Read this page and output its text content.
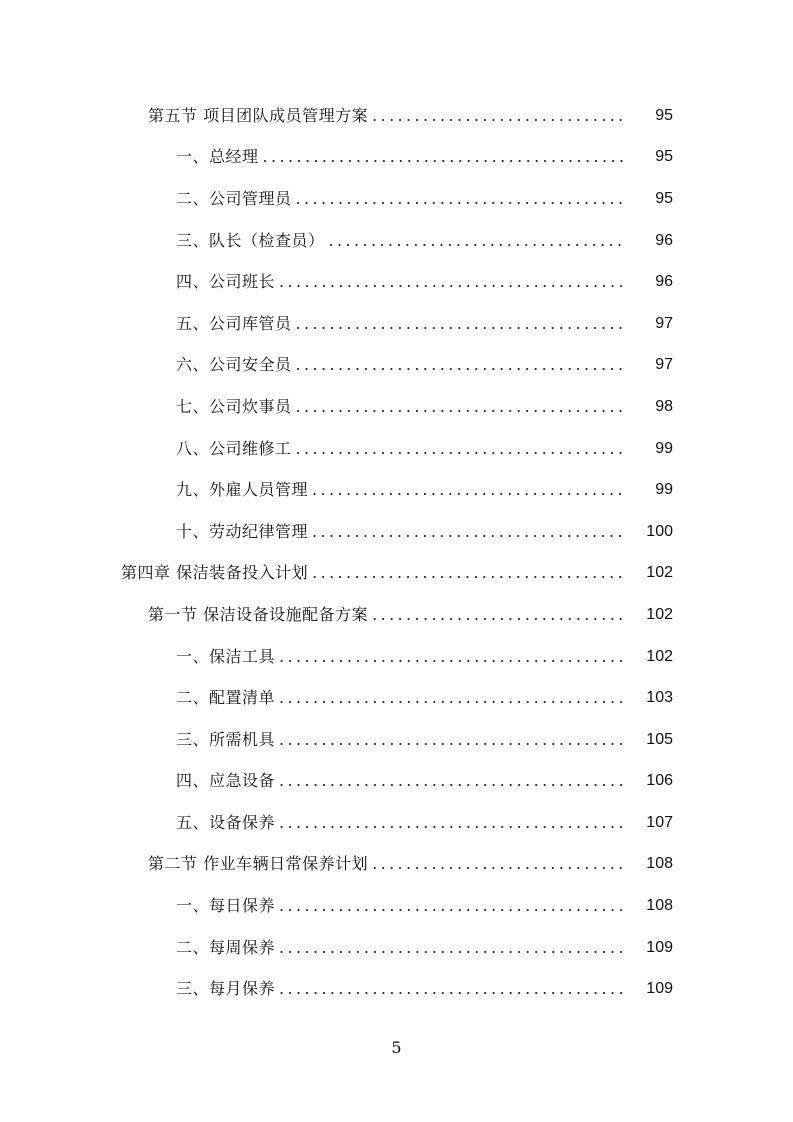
第五节 项目团队成员管理方案 .....	95
一、总经理 .....	95
二、公司管理员 .....	95
三、队长（检查员） .....	96
四、公司班长 .....	96
五、公司库管员 .....	97
六、公司安全员 .....	97
七、公司炊事员 .....	98
八、公司维修工 .....	99
九、外雇人员管理 .....	99
十、劳动纪律管理 .....	100
第四章 保洁装备投入计划 .....	102
第一节 保洁设备设施配备方案 .....	102
一、保洁工具 .....	102
二、配置清单 .....	103
三、所需机具 .....	105
四、应急设备 .....	106
五、设备保养 .....	107
第二节 作业车辆日常保养计划 .....	108
一、每日保养 .....	108
二、每周保养 .....	109
三、每月保养 .....	109
5
